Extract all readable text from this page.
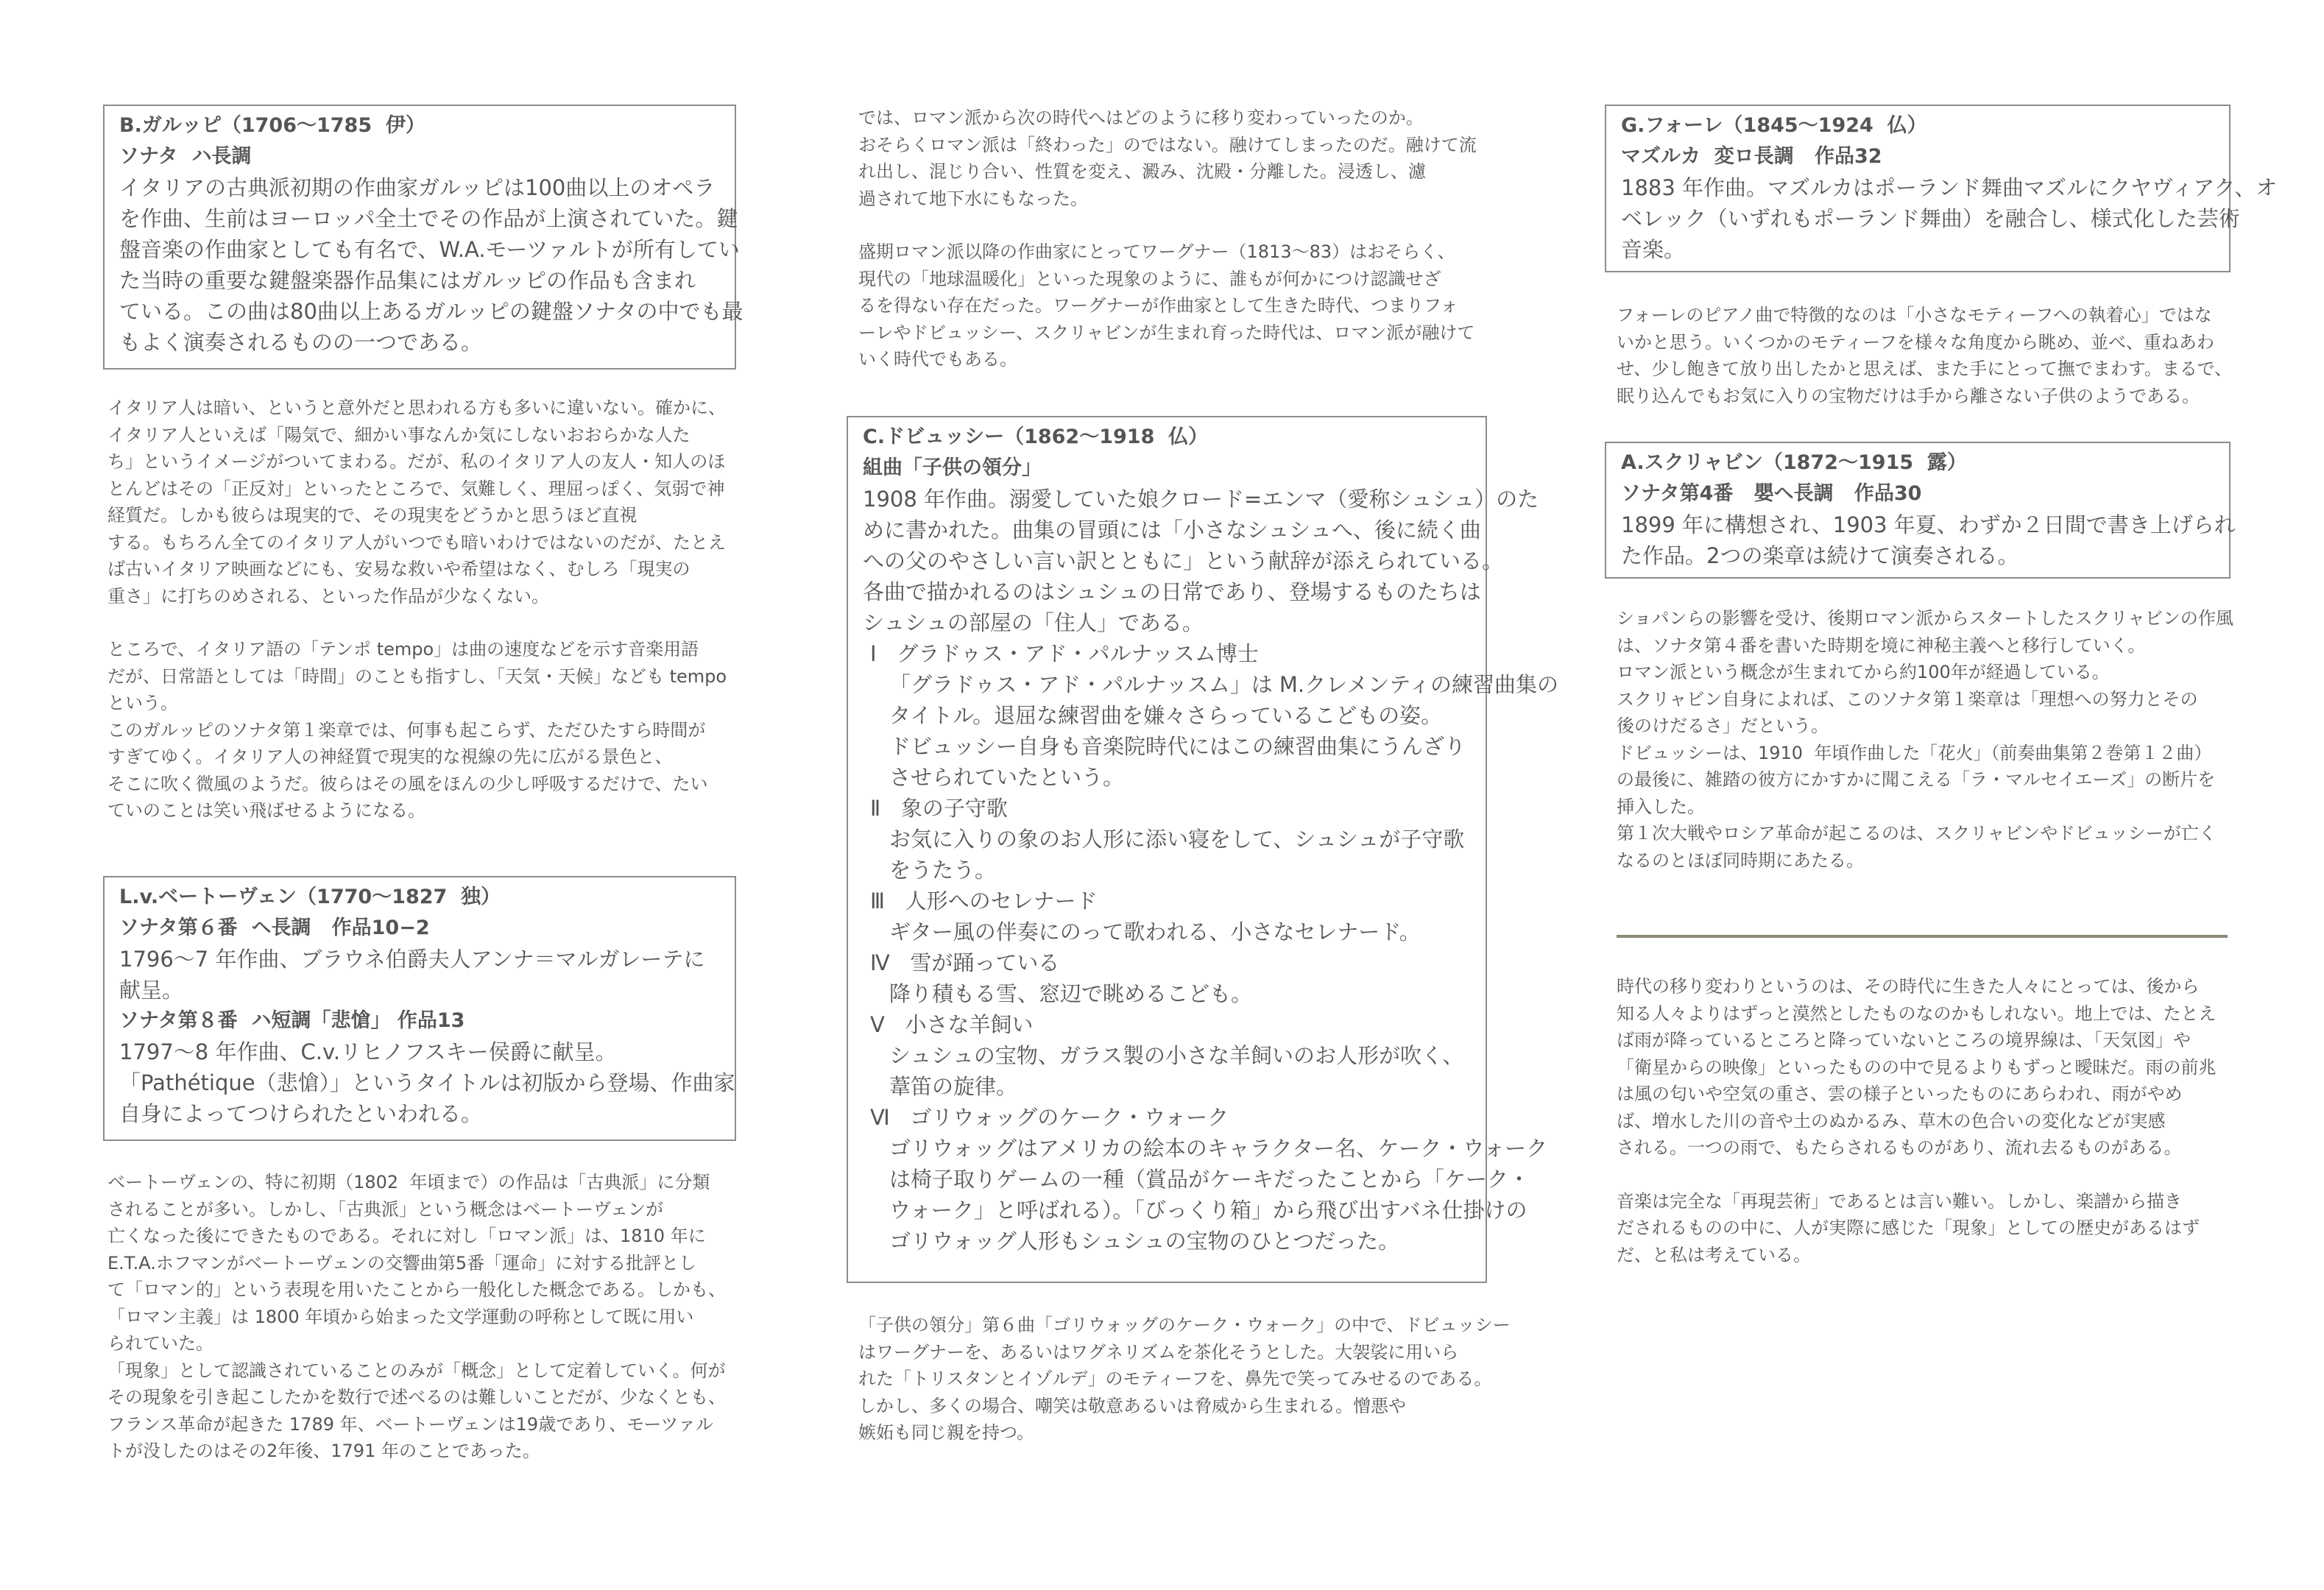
B.ガルッピ（1706〜1785  伊）
ソナタ  ハ長調
イタリアの古典派初期の作曲家ガルッピは100曲以上のオペラ
を作曲、生前はヨーロッパ全土でその作品が上演されていた。鍵
盤音楽の作曲家としても有名で、W.A.モーツァルトが所有してい
た当時の重要な鍵盤楽器作品集にはガルッピの作品も含まれ
ている。この曲は80曲以上あるガルッピの鍵盤ソナタの中でも最
もよく演奏されるものの一つである。
イタリア人は暗い、というと意外だと思われる方も多いに違いない。確かに、
イタリア人といえば「陽気で、細かい事なんか気にしないおおらかな人た
ち」というイメージがついてまわる。だが、私のイタリア人の友人・知人のほ
とんどはその「正反対」といったところで、気難しく、理屈っぽく、気弱で神
経質だ。しかも彼らは現実的で、その現実をどうかと思うほど直視
する。もちろん全てのイタリア人がいつでも暗いわけではないのだが、たとえ
ば古いイタリア映画などにも、安易な救いや希望はなく、むしろ「現実の
重さ」に打ちのめされる、といった作品が少なくない。
ところで、イタリア語の「テンポ tempo」は曲の速度などを示す音楽用語
だが、日常語としては「時間」のことも指すし、「天気・天候」なども tempo
という。
このガルッピのソナタ第１楽章では、何事も起こらず、ただひたすら時間が
すぎてゆく。イタリア人の神経質で現実的な視線の先に広がる景色と、
そこに吹く微風のようだ。彼らはその風をほんの少し呼吸するだけで、たい
ていのことは笑い飛ばせるようになる。
L.v.ベートーヴェン（1770〜1827  独）
ソナタ第６番  ヘ長調   作品10−2
1796〜7 年作曲、ブラウネ伯爵夫人アンナ＝マルガレーテに
献呈。
ソナタ第８番  ハ短調「悲愴」 作品13
1797〜8 年作曲、C.v.リヒノフスキー侯爵に献呈。
「Pathétique（悲愴）」というタイトルは初版から登場、作曲家
自身によってつけられたといわれる。
ベートーヴェンの、特に初期（1802  年頃まで）の作品は「古典派」に分類
されることが多い。しかし、「古典派」という概念はベートーヴェンが
亡くなった後にできたものである。それに対し「ロマン派」は、1810 年に
E.T.A.ホフマンがベートーヴェンの交響曲第5番「運命」に対する批評とし
て「ロマン的」という表現を用いたことから一般化した概念である。しかも、
「ロマン主義」は 1800 年頃から始まった文学運動の呼称として既に用い
られていた。
「現象」として認識されていることのみが「概念」として定着していく。何が
その現象を引き起こしたかを数行で述べるのは難しいことだが、少なくとも、
フランス革命が起きた 1789 年、ベートーヴェンは19歳であり、モーツァル
トが没したのはその2年後、1791 年のことであった。
では、ロマン派から次の時代へはどのように移り変わっていったのか。
おそらくロマン派は「終わった」のではない。融けてしまったのだ。融けて流
れ出し、混じり合い、性質を変え、澱み、沈殿・分離した。浸透し、濾
過されて地下水にもなった。
盛期ロマン派以降の作曲家にとってワーグナー（1813〜83）はおそらく、
現代の「地球温暖化」といった現象のように、誰もが何かにつけ認識せざ
るを得ない存在だった。ワーグナーが作曲家として生きた時代、つまりフォ
ーレやドビュッシー、スクリャビンが生まれ育った時代は、ロマン派が融けて
いく時代でもある。
C.ドビュッシー（1862〜1918  仏）
組曲「子供の領分」
1908 年作曲。溺愛していた娘クロード=エンマ（愛称シュシュ）のた
めに書かれた。曲集の冒頭には「小さなシュシュへ、後に続く曲
への父のやさしい言い訳とともに」という献辞が添えられている。
各曲で描かれるのはシュシュの日常であり、登場するものたちは
シュシュの部屋の「住人」である。
Ⅰ   グラドゥス・アド・パルナッスム博士
「グラドゥス・アド・パルナッスム」は M.クレメンティの練習曲集の
タイトル。退屈な練習曲を嫌々さらっているこどもの姿。
ドビュッシー自身も音楽院時代にはこの練習曲集にうんざり
させられていたという。
Ⅱ   象の子守歌
お気に入りの象のお人形に添い寝をして、シュシュが子守歌
をうたう。
Ⅲ   人形へのセレナード
ギター風の伴奏にのって歌われる、小さなセレナード。
Ⅳ   雪が踊っている
降り積もる雪、窓辺で眺めるこども。
Ⅴ   小さな羊飼い
シュシュの宝物、ガラス製の小さな羊飼いのお人形が吹く、
葦笛の旋律。
Ⅵ   ゴリウォッグのケーク・ウォーク
ゴリウォッグはアメリカの絵本のキャラクター名、ケーク・ウォーク
は椅子取りゲームの一種（賞品がケーキだったことから「ケーク・
ウォーク」と呼ばれる）。「びっくり箱」から飛び出すバネ仕掛けの
ゴリウォッグ人形もシュシュの宝物のひとつだった。
「子供の領分」第６曲「ゴリウォッグのケーク・ウォーク」の中で、ドビュッシー
はワーグナーを、あるいはワグネリズムを茶化そうとした。大袈裟に用いら
れた「トリスタンとイゾルデ」のモティーフを、鼻先で笑ってみせるのである。
しかし、多くの場合、嘲笑は敬意あるいは脅威から生まれる。憎悪や
嫉妬も同じ親を持つ。
G.フォーレ（1845〜1924  仏）
マズルカ  変ロ長調   作品32
1883 年作曲。マズルカはポーランド舞曲マズルにクヤヴィアク、オ
ベレック（いずれもポーランド舞曲）を融合し、様式化した芸術
音楽。
フォーレのピアノ曲で特徴的なのは「小さなモティーフへの執着心」ではな
いかと思う。いくつかのモティーフを様々な角度から眺め、並べ、重ねあわ
せ、少し飽きて放り出したかと思えば、また手にとって撫でまわす。まるで、
眠り込んでもお気に入りの宝物だけは手から離さない子供のようである。
A.スクリャビン（1872〜1915  露）
ソナタ第4番   嬰ヘ長調   作品30
1899 年に構想され、1903 年夏、わずか２日間で書き上げられ
た作品。2つの楽章は続けて演奏される。
ショパンらの影響を受け、後期ロマン派からスタートしたスクリャビンの作風
は、ソナタ第４番を書いた時期を境に神秘主義へと移行していく。
ロマン派という概念が生まれてから約100年が経過している。
スクリャビン自身によれば、このソナタ第１楽章は「理想への努力とその
後のけだるさ」だという。
ドビュッシーは、1910  年頃作曲した「花火」（前奏曲集第２巻第１２曲）
の最後に、雑踏の彼方にかすかに聞こえる「ラ・マルセイエーズ」の断片を
挿入した。
第１次大戦やロシア革命が起こるのは、スクリャビンやドビュッシーが亡く
なるのとほぼ同時期にあたる。
時代の移り変わりというのは、その時代に生きた人々にとっては、後から
知る人々よりはずっと漠然としたものなのかもしれない。地上では、たとえ
ば雨が降っているところと降っていないところの境界線は、「天気図」や
「衛星からの映像」といったものの中で見るよりもずっと曖昧だ。雨の前兆
は風の匂いや空気の重さ、雲の様子といったものにあらわれ、雨がやめ
ば、増水した川の音や土のぬかるみ、草木の色合いの変化などが実感
される。一つの雨で、もたらされるものがあり、流れ去るものがある。
音楽は完全な「再現芸術」であるとは言い難い。しかし、楽譜から描き
だされるものの中に、人が実際に感じた「現象」としての歴史があるはず
だ、と私は考えている。
